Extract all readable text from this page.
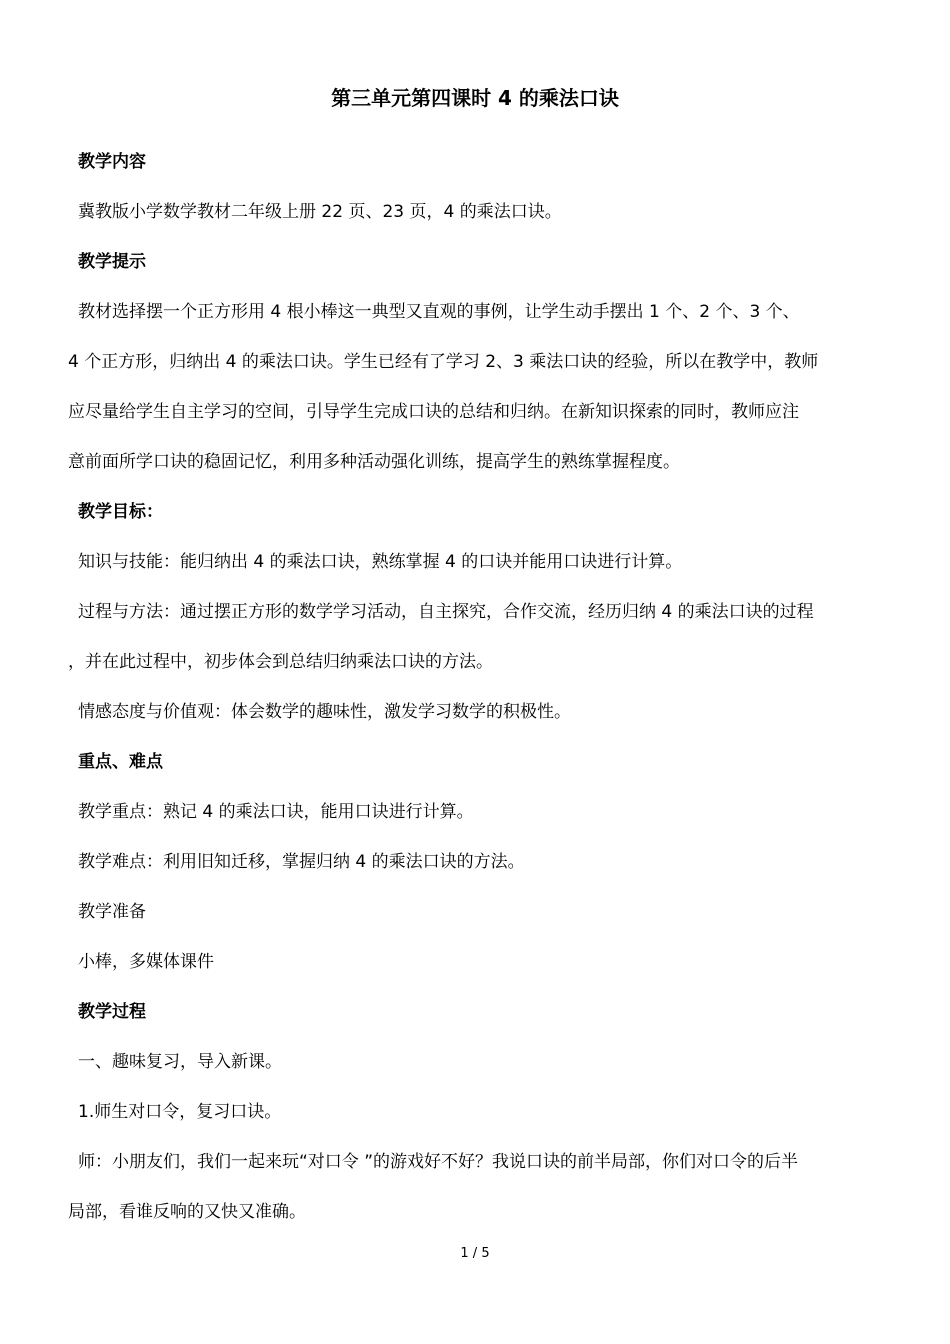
第三单元第四课时 4 的乘法口诀
教学内容
冀教版小学数学教材二年级上册 22 页、23 页，4 的乘法口诀。
教学提示
教材选择摆一个正方形用 4 根小棒这一典型又直观的事例，让学生动手摆出 1 个、2 个、3 个、
4 个正方形，归纳出 4 的乘法口诀。学生已经有了学习 2、3 乘法口诀的经验，所以在教学中，教师
应尽量给学生自主学习的空间，引导学生完成口诀的总结和归纳。在新知识探索的同时，教师应注
意前面所学口诀的稳固记忆，利用多种活动强化训练，提高学生的熟练掌握程度。
教学目标：
知识与技能：能归纳出 4 的乘法口诀，熟练掌握 4 的口诀并能用口诀进行计算。
过程与方法：通过摆正方形的数学学习活动，自主探究，合作交流，经历归纳 4 的乘法口诀的过程
，并在此过程中，初步体会到总结归纳乘法口诀的方法。
情感态度与价值观：体会数学的趣味性，激发学习数学的积极性。
重点、难点
教学重点：熟记 4 的乘法口诀，能用口诀进行计算。
教学难点：利用旧知迁移，掌握归纳 4 的乘法口诀的方法。
教学准备
小棒，多媒体课件
教学过程
一、趣味复习，导入新课。
1.师生对口令，复习口诀。
师：小朋友们，我们一起来玩“对口令 ”的游戏好不好？我说口诀的前半局部，你们对口令的后半
局部，看谁反响的又快又准确。
1 / 5
